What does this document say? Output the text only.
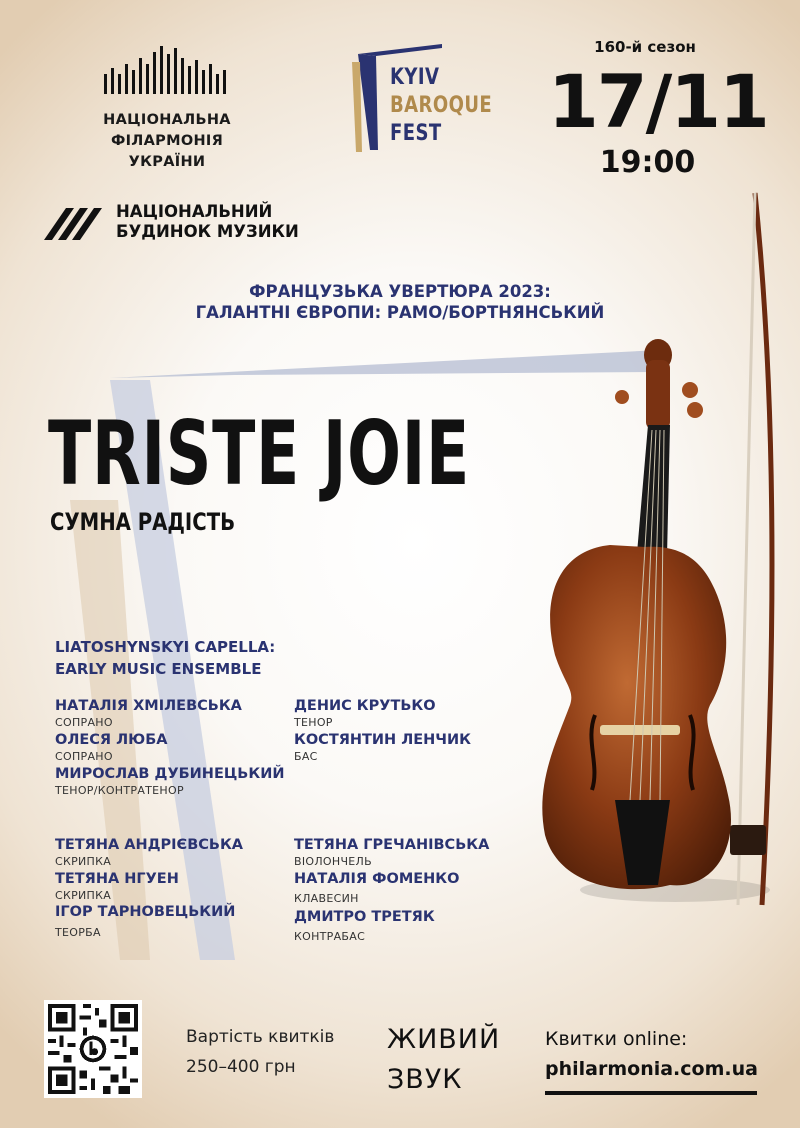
НАЦІОНАЛЬНА ФІЛАРМОНІЯ
УКРАЇНИ
KYIV
BAROQUE
FEST
160-й сезон
17/11
19:00
НАЦІОНАЛЬНИЙ
БУДИНОК МУЗИКИ
ФРАНЦУЗЬКА УВЕРТЮРА 2023:
ГАЛАНТНІ ЄВРОПИ: РАМО/БОРТНЯНСЬКИЙ
TRISTE JOIE
СУМНА РАДІСТЬ
LIATOSHYNSKYI CAPELLA:
EARLY MUSIC ENSEMBLE
НАТАЛІЯ ХМІЛЕВСЬКА
СОПРАНО
ОЛЕСЯ ЛЮБА
СОПРАНО
МИРОСЛАВ ДУБИНЕЦЬКИЙ
ТЕНОР/КОНТРАТЕНОР
ДЕНИС КРУТЬКО
ТЕНОР
КОСТЯНТИН ЛЕНЧИК
БАС
ТЕТЯНА АНДРІЄВСЬКА
СКРИПКА
ТЕТЯНА НГУЕН
СКРИПКА
ІГОР ТАРНОВЕЦЬКИЙ
ТЕОРБА
ТЕТЯНА ГРЕЧАНІВСЬКА
ВІОЛОНЧЕЛЬ
НАТАЛІЯ ФОМЕНКО
КЛАВЕСИН
ДМИТРО ТРЕТЯК
КОНТРАБАС
Вартість квитків
250–400 грн
ЖИВИЙ
ЗВУК
Квитки online:
philarmonia.com.ua
